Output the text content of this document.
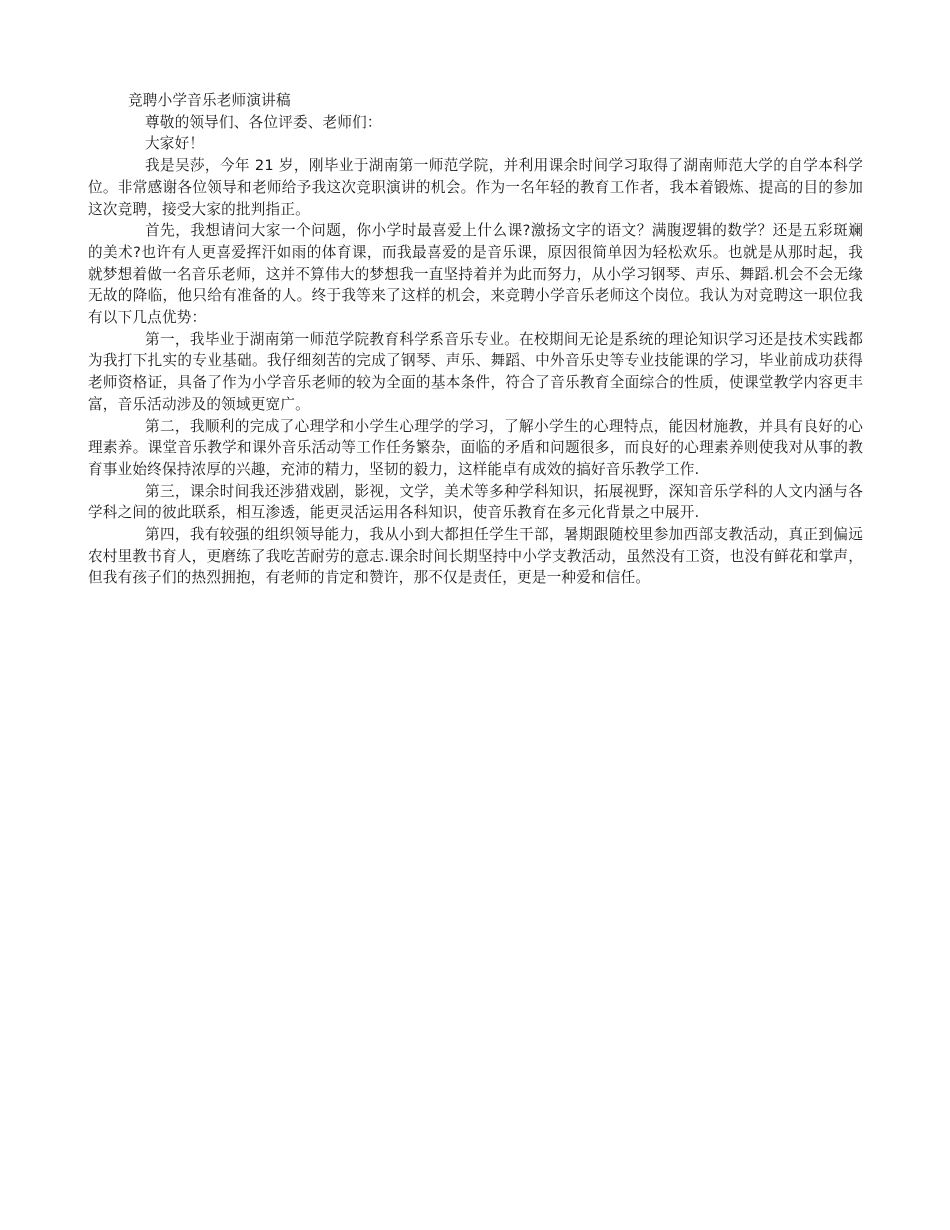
竞聘小学音乐老师演讲稿

尊敬的领导们、各位评委、老师们：

大家好！

我是吴莎，今年 21 岁，刚毕业于湖南第一师范学院，并利用课余时间学习取得了湖南师范大学的自学本科学位。非常感谢各位领导和老师给予我这次竞职演讲的机会。作为一名年轻的教育工作者，我本着锻炼、提高的目的参加这次竞聘，接受大家的批判指正。

首先，我想请问大家一个问题，你小学时最喜爱上什么课?激扬文字的语文？满腹逻辑的数学？还是五彩斑斓的美术?也许有人更喜爱挥汗如雨的体育课，而我最喜爱的是音乐课，原因很简单因为轻松欢乐。也就是从那时起，我就梦想着做一名音乐老师，这并不算伟大的梦想我一直坚持着并为此而努力，从小学习钢琴、声乐、舞蹈.机会不会无缘无故的降临，他只给有准备的人。终于我等来了这样的机会，来竞聘小学音乐老师这个岗位。我认为对竞聘这一职位我有以下几点优势：

第一，我毕业于湖南第一师范学院教育科学系音乐专业。在校期间无论是系统的理论知识学习还是技术实践都为我打下扎实的专业基础。我仔细刻苦的完成了钢琴、声乐、舞蹈、中外音乐史等专业技能课的学习，毕业前成功获得老师资格证，具备了作为小学音乐老师的较为全面的基本条件，符合了音乐教育全面综合的性质，使课堂教学内容更丰富，音乐活动涉及的领域更宽广。

第二，我顺利的完成了心理学和小学生心理学的学习，了解小学生的心理特点，能因材施教，并具有良好的心理素养。课堂音乐教学和课外音乐活动等工作任务繁杂，面临的矛盾和问题很多，而良好的心理素养则使我对从事的教育事业始终保持浓厚的兴趣，充沛的精力，坚韧的毅力，这样能卓有成效的搞好音乐教学工作.

第三，课余时间我还涉猎戏剧，影视，文学，美术等多种学科知识，拓展视野，深知音乐学科的人文内涵与各学科之间的彼此联系，相互渗透，能更灵活运用各科知识，使音乐教育在多元化背景之中展开.

第四，我有较强的组织领导能力，我从小到大都担任学生干部，暑期跟随校里参加西部支教活动，真正到偏远农村里教书育人，更磨练了我吃苦耐劳的意志.课余时间长期坚持中小学支教活动，虽然没有工资，也没有鲜花和掌声，但我有孩子们的热烈拥抱，有老师的肯定和赞许，那不仅是责任，更是一种爱和信任。
